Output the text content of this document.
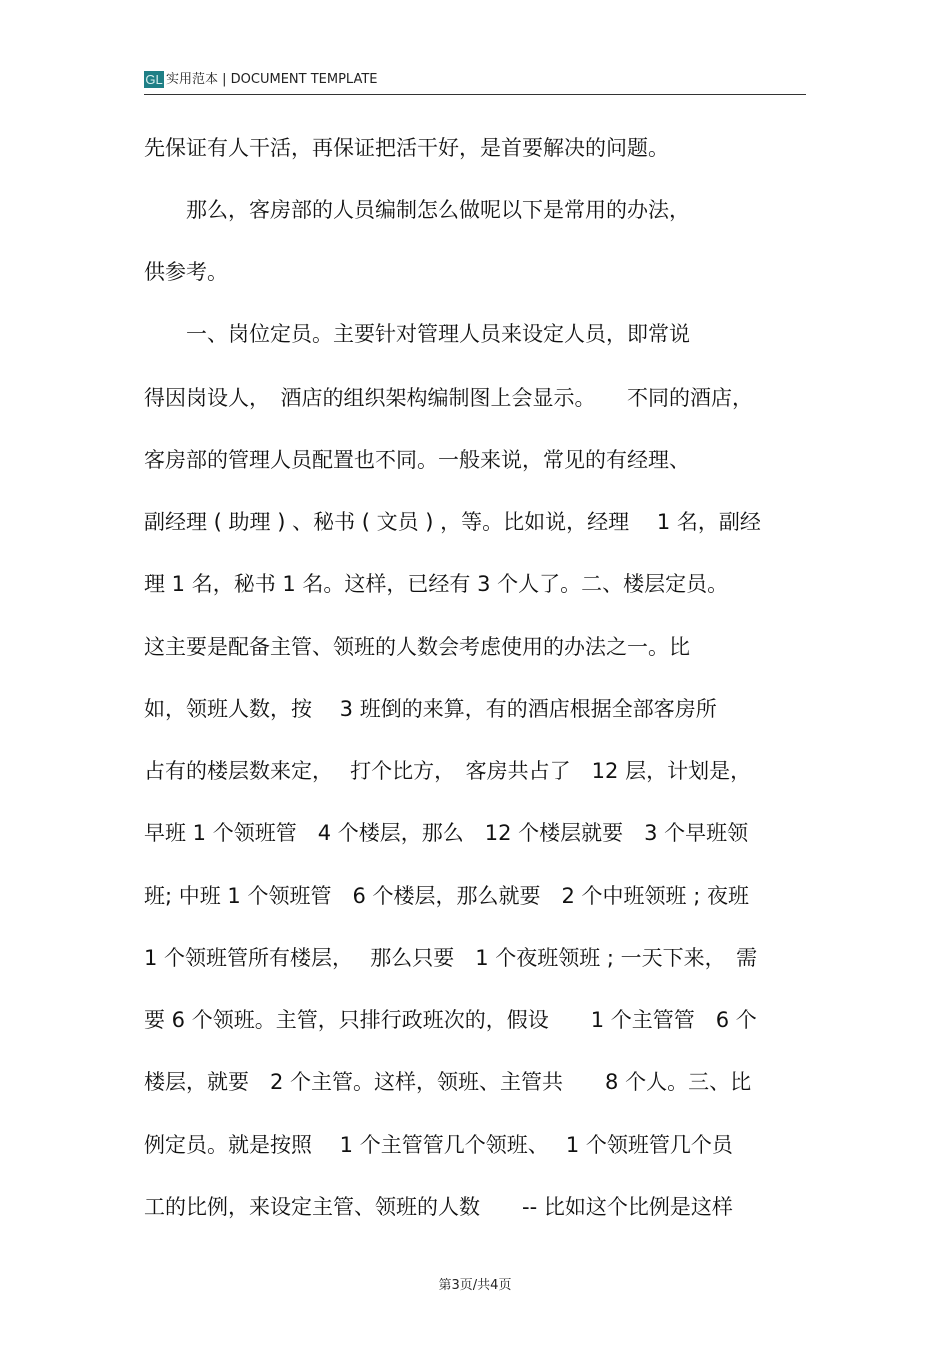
GL 实用范本 | DOCUMENT TEMPLATE
先保证有人干活，再保证把活干好，是首要解决的问题。
　　那么，客房部的人员编制怎么做呢以下是常用的办法，
供参考。
　　一、岗位定员。主要针对管理人员来设定人员，即常说
得因岗设人，　酒店的组织架构编制图上会显示。　　不同的酒店，
客房部的管理人员配置也不同。一般来说，常见的有经理、
副经理 ( 助理 ) 、秘书 ( 文员 ) ，等。比如说，经理　 1 名，副经
理 1 名，秘书 1 名。这样，已经有 3 个人了。二、楼层定员。
这主要是配备主管、领班的人数会考虑使用的办法之一。比
如，领班人数，按　 3 班倒的来算，有的酒店根据全部客房所
占有的楼层数来定，　 打个比方，　客房共占了　12 层，计划是，
早班 1 个领班管　4 个楼层，那么　12 个楼层就要　3 个早班领
班; 中班 1 个领班管　6 个楼层，那么就要　2 个中班领班 ; 夜班
1 个领班管所有楼层，　 那么只要　1 个夜班领班 ; 一天下来，　需
要 6 个领班。主管，只排行政班次的，假设　　1 个主管管　6 个
楼层，就要　2 个主管。这样，领班、主管共　　8 个人。三、比
例定员。就是按照　 1 个主管管几个领班、　 1 个领班管几个员
工的比例，来设定主管、领班的人数　　-- 比如这个比例是这样
第3页/共4页
